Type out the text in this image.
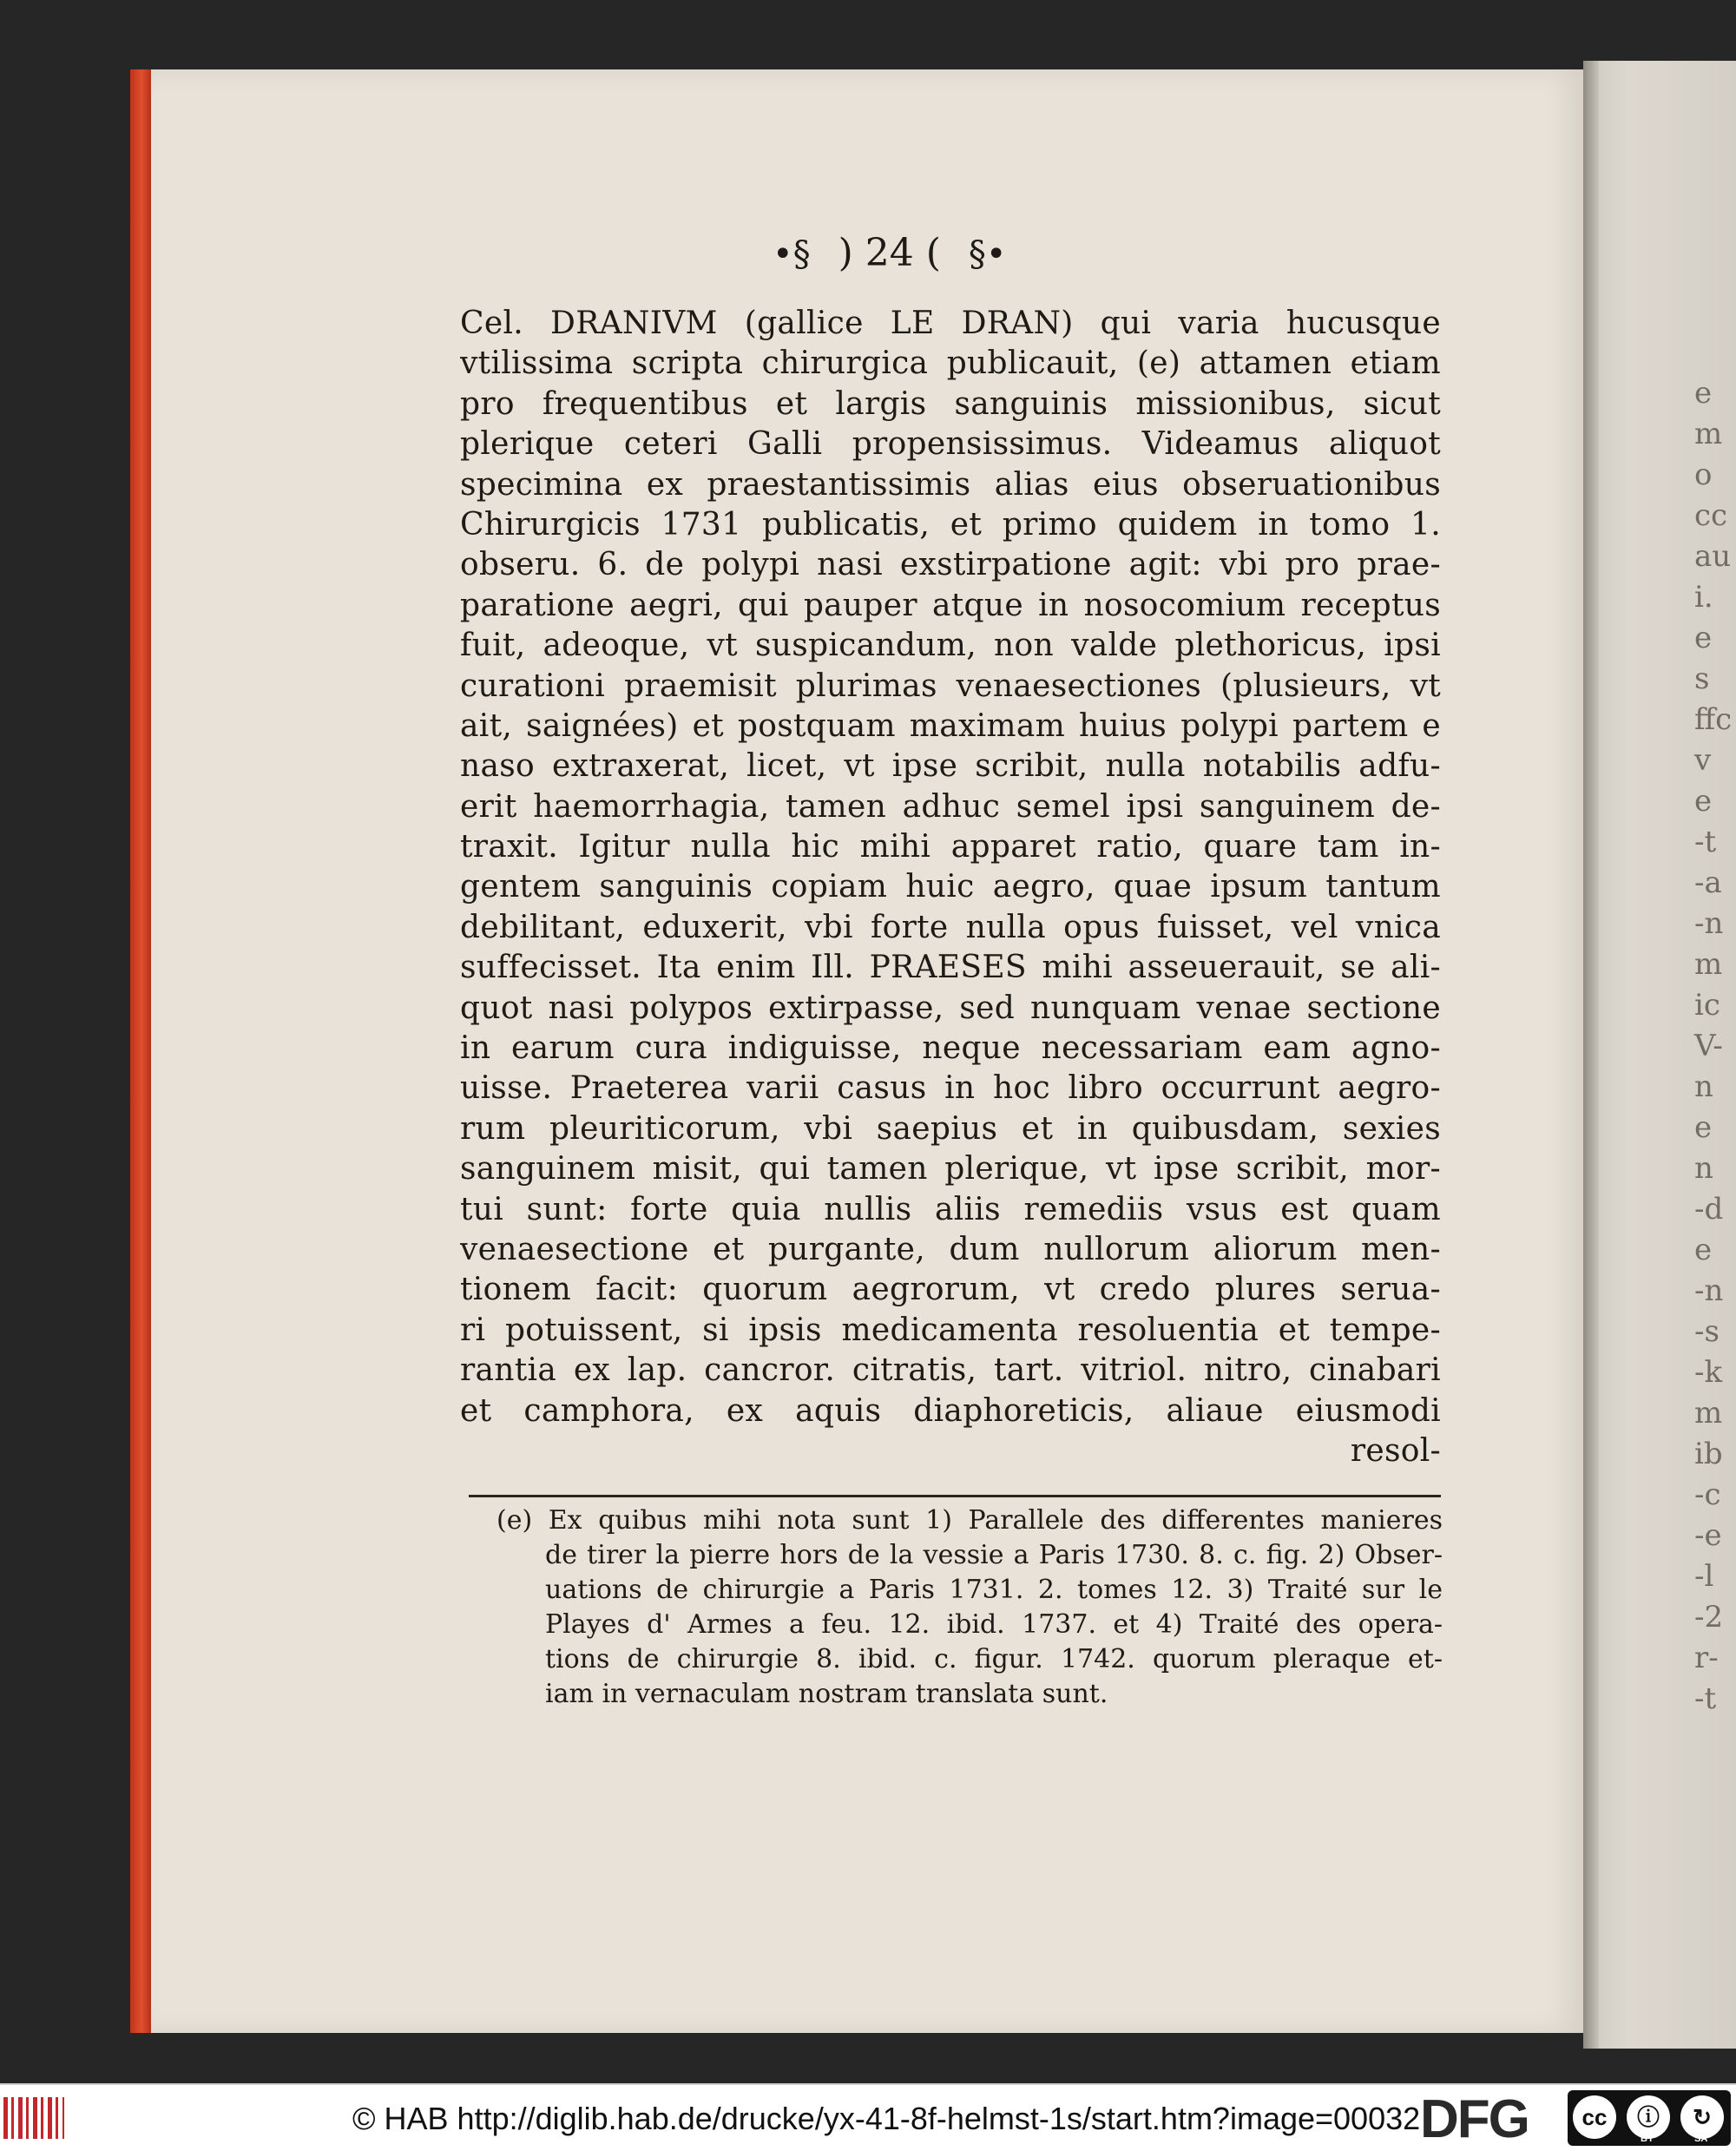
e
m
o
cc
au
i.
e
s
ffc
v
e
-t
-a
-n
m
ic
V-
n
e
n
-d
e
-n
-s
-k
m
ib
-c
-e
-l
-2
r-
-t
•§ ) 24 ( §•
Cel. DRANIVM (gallice LE DRAN) qui varia hucusque
vtilissima scripta chirurgica publicauit, (e) attamen etiam
pro frequentibus et largis sanguinis missionibus, sicut
plerique ceteri Galli propensissimus. Videamus aliquot
specimina ex praestantissimis alias eius obseruationibus
Chirurgicis 1731 publicatis, et primo quidem in tomo 1.
obseru. 6. de polypi nasi exstirpatione agit: vbi pro prae-
paratione aegri, qui pauper atque in nosocomium receptus
fuit, adeoque, vt suspicandum, non valde plethoricus, ipsi
curationi praemisit plurimas venaesectiones (plusieurs, vt
ait, saignées) et postquam maximam huius polypi partem e
naso extraxerat, licet, vt ipse scribit, nulla notabilis adfu-
erit haemorrhagia, tamen adhuc semel ipsi sanguinem de-
traxit. Igitur nulla hic mihi apparet ratio, quare tam in-
gentem sanguinis copiam huic aegro, quae ipsum tantum
debilitant, eduxerit, vbi forte nulla opus fuisset, vel vnica
suffecisset. Ita enim Ill. PRAESES mihi asseuerauit, se ali-
quot nasi polypos extirpasse, sed nunquam venae sectione
in earum cura indiguisse, neque necessariam eam agno-
uisse. Praeterea varii casus in hoc libro occurrunt aegro-
rum pleuriticorum, vbi saepius et in quibusdam, sexies
sanguinem misit, qui tamen plerique, vt ipse scribit, mor-
tui sunt: forte quia nullis aliis remediis vsus est quam
venaesectione et purgante, dum nullorum aliorum men-
tionem facit: quorum aegrorum, vt credo plures serua-
ri potuissent, si ipsis medicamenta resoluentia et tempe-
rantia ex lap. cancror. citratis, tart. vitriol. nitro, cinabari
et camphora, ex aquis diaphoreticis, aliaue eiusmodi
resol-
(e) Ex quibus mihi nota sunt 1) Parallele des differentes manieres
de tirer la pierre hors de la vessie a Paris 1730. 8. c. fig. 2) Obser-
uations de chirurgie a Paris 1731. 2. tomes 12. 3) Traité sur le
Playes d' Armes a feu. 12. ibid. 1737. et 4) Traité des opera-
tions de chirurgie 8. ibid. c. figur. 1742. quorum pleraque et-
iam in vernaculam nostram translata sunt.
© HAB http://diglib.hab.de/drucke/yx-41-8f-helmst-1s/start.htm?image=00032 DFG	cc	ⓘ	↻
BY	SA
